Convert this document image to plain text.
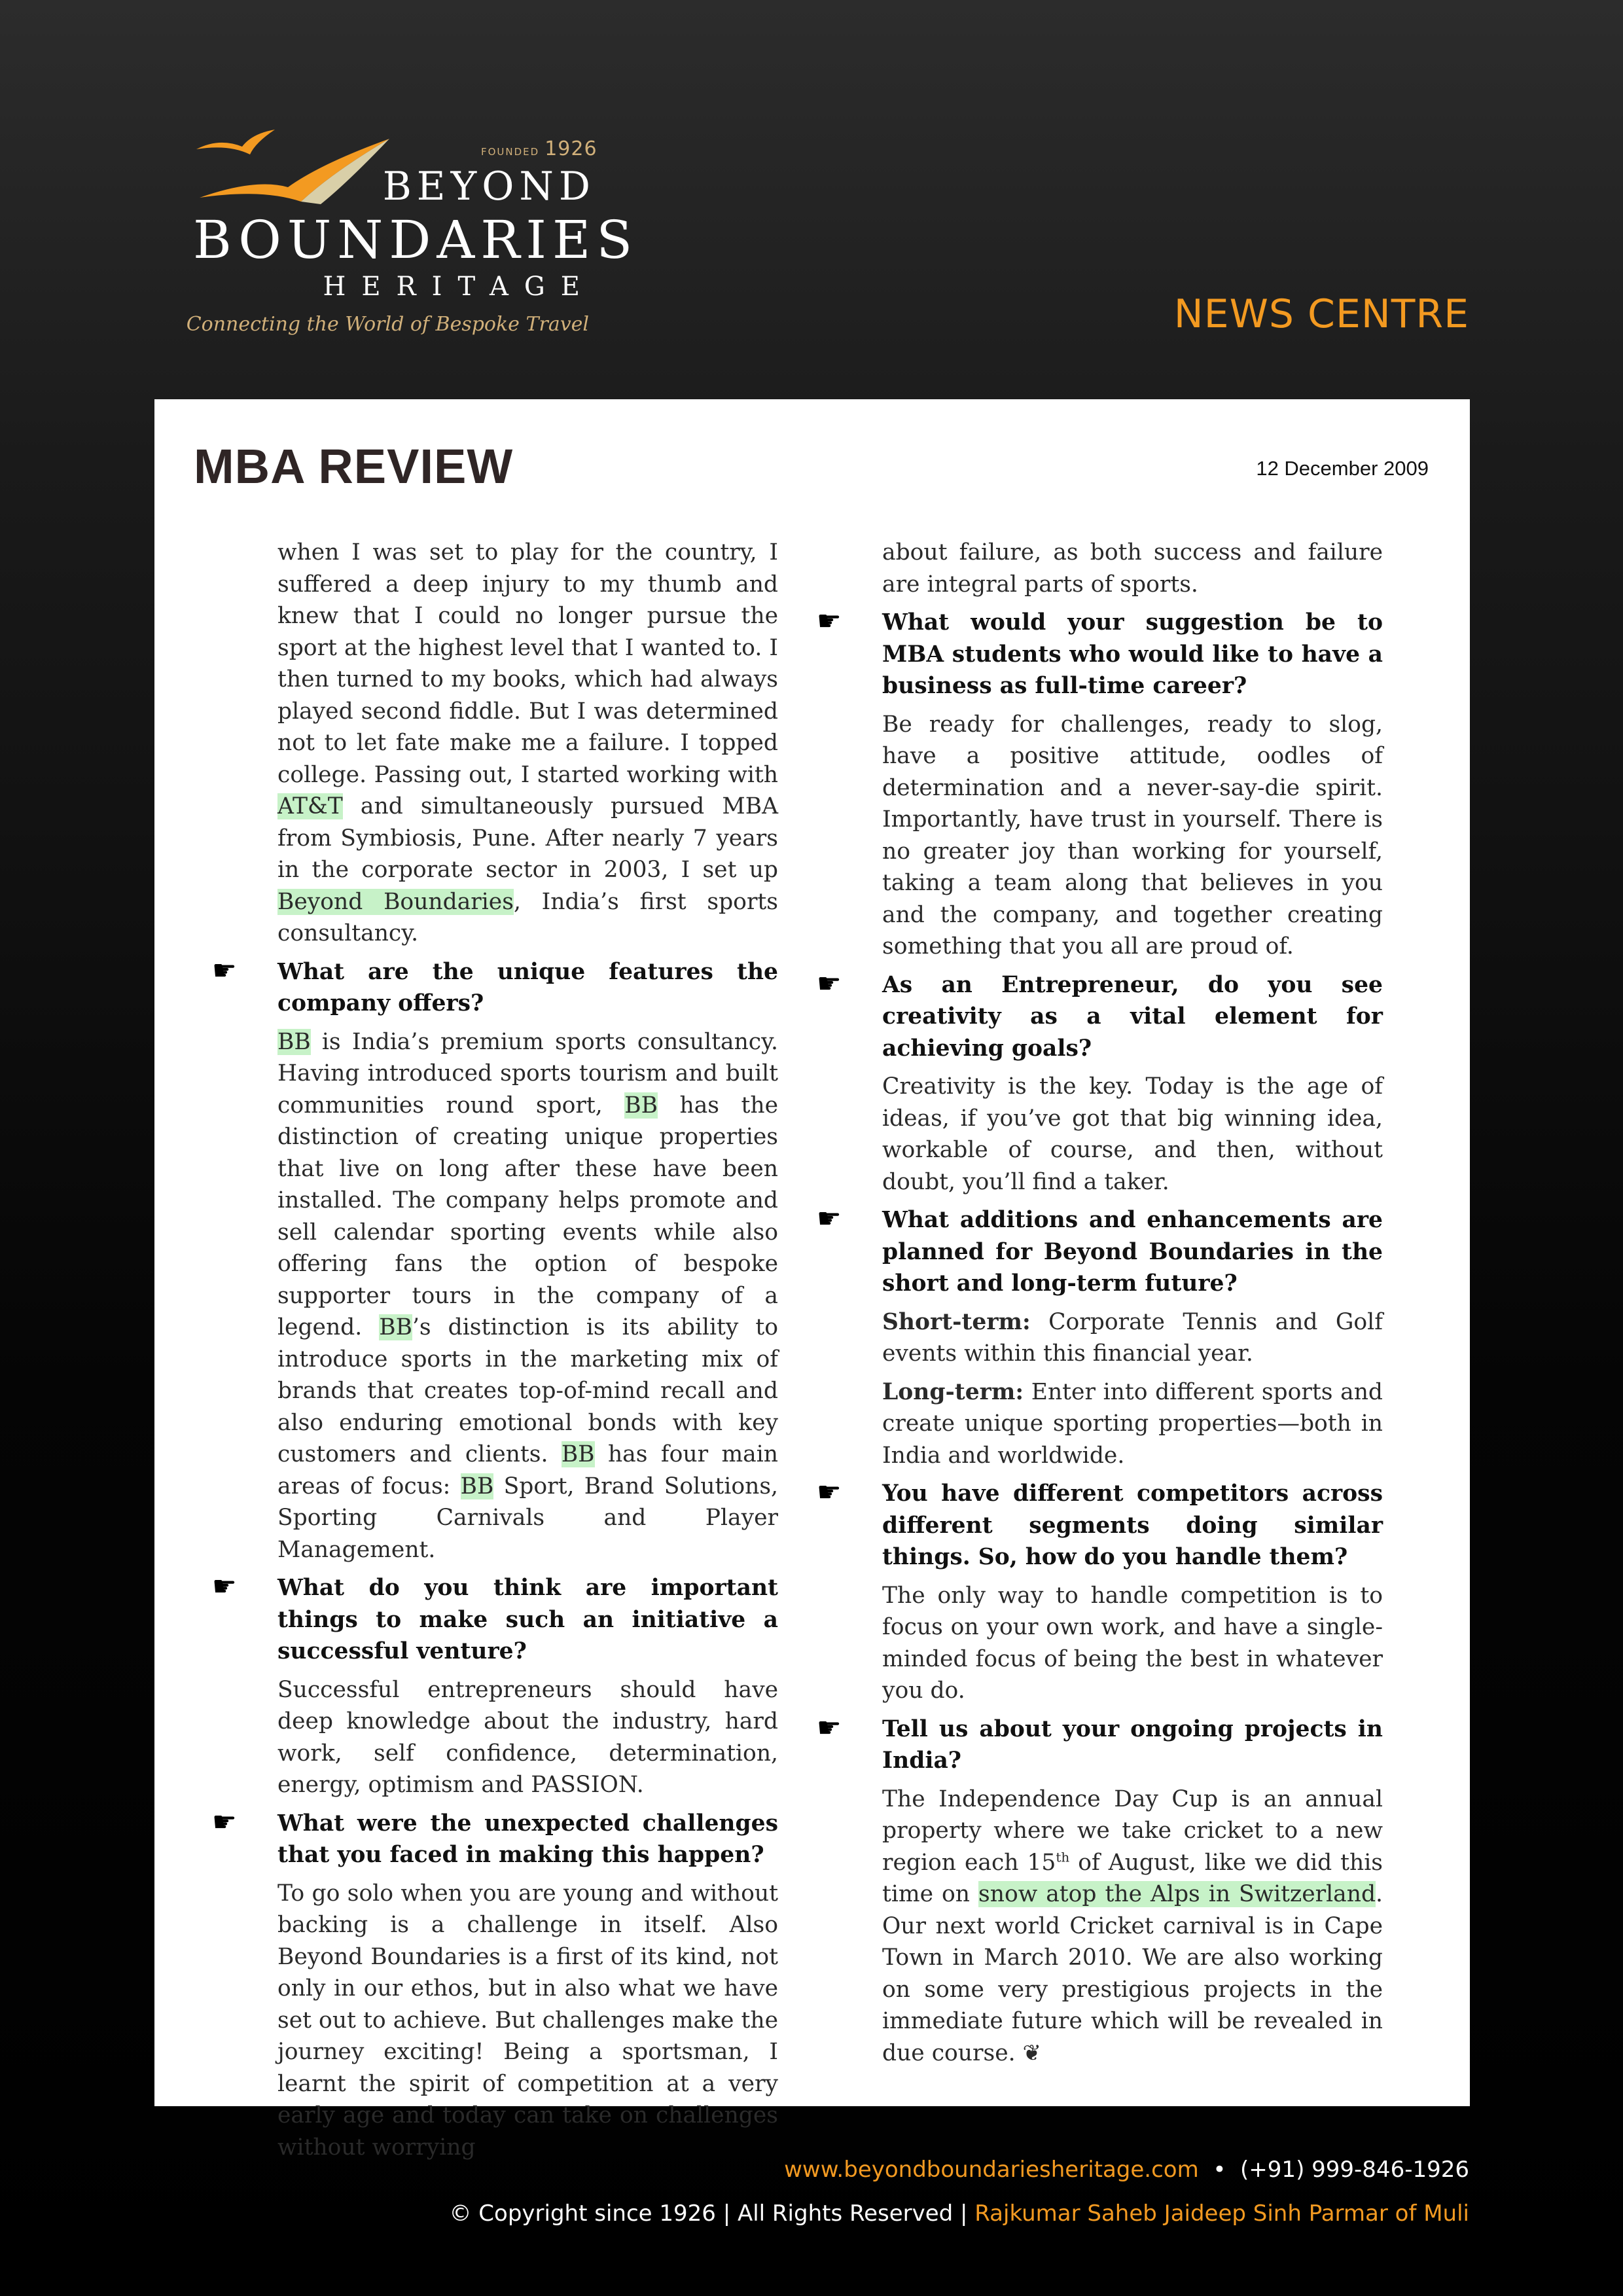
FOUNDED 1926
BEYOND
BOUNDARIES
HERITAGE
Connecting the World of Bespoke Travel	NEWS CENTRE
MBA REVIEW	12 December 2009

when I was set to play for the country, I suffered a deep injury to my thumb and knew that I could no longer pursue the sport at the highest level that I wanted to. I then turned to my books, which had always played second fiddle. But I was determined not to let fate make me a failure. I topped college. Passing out, I started working with AT&T and simultaneously pursued MBA from Symbiosis, Pune. After nearly 7 years in the corporate sector in 2003, I set up Beyond Boundaries, India’s first sports consultancy.

☛ What are the unique features the company offers?

BB is India’s premium sports consultancy. Having introduced sports tourism and built communities round sport, BB has the distinction of creating unique properties that live on long after these have been installed. The company helps promote and sell calendar sporting events while also offering fans the option of bespoke supporter tours in the company of a legend. BB’s distinction is its ability to introduce sports in the marketing mix of brands that creates top-of-mind recall and also enduring emotional bonds with key customers and clients. BB has four main areas of focus: BB Sport, Brand Solutions, Sporting Carnivals and Player Management.

☛ What do you think are important things to make such an initiative a successful venture?

Successful entrepreneurs should have deep knowledge about the industry, hard work, self confidence, determination, energy, optimism and PASSION.

☛ What were the unexpected challenges that you faced in making this happen?

To go solo when you are young and without backing is a challenge in itself. Also Beyond Boundaries is a first of its kind, not only in our ethos, but in also what we have set out to achieve. But challenges make the journey exciting! Being a sportsman, I learnt the spirit of competition at a very early age and today can take on challenges without worrying

about failure, as both success and failure are integral parts of sports.

☛ What would your suggestion be to MBA students who would like to have a business as full-time career?

Be ready for challenges, ready to slog, have a positive attitude, oodles of determination and a never-say-die spirit. Importantly, have trust in yourself. There is no greater joy than working for yourself, taking a team along that believes in you and the company, and together creating something that you all are proud of.

☛ As an Entrepreneur, do you see creativity as a vital element for achieving goals?

Creativity is the key. Today is the age of ideas, if you’ve got that big winning idea, workable of course, and then, without doubt, you’ll find a taker.

☛ What additions and enhancements are planned for Beyond Boundaries in the short and long-term future?

Short-term: Corporate Tennis and Golf events within this financial year.

Long-term: Enter into different sports and create unique sporting properties—both in India and worldwide.

☛ You have different competitors across different segments doing similar things. So, how do you handle them?

The only way to handle competition is to focus on your own work, and have a single-minded focus of being the best in whatever you do.

☛ Tell us about your ongoing projects in India?

The Independence Day Cup is an annual property where we take cricket to a new region each 15th of August, like we did this time on snow atop the Alps in Switzerland. Our next world Cricket carnival is in Cape Town in March 2010. We are also working on some very prestigious projects in the immediate future which will be revealed in due course. ❦

www.beyondboundariesheritage.com • (+91) 999-846-1926
© Copyright since 1926 | All Rights Reserved | Rajkumar Saheb Jaideep Sinh Parmar of Muli
